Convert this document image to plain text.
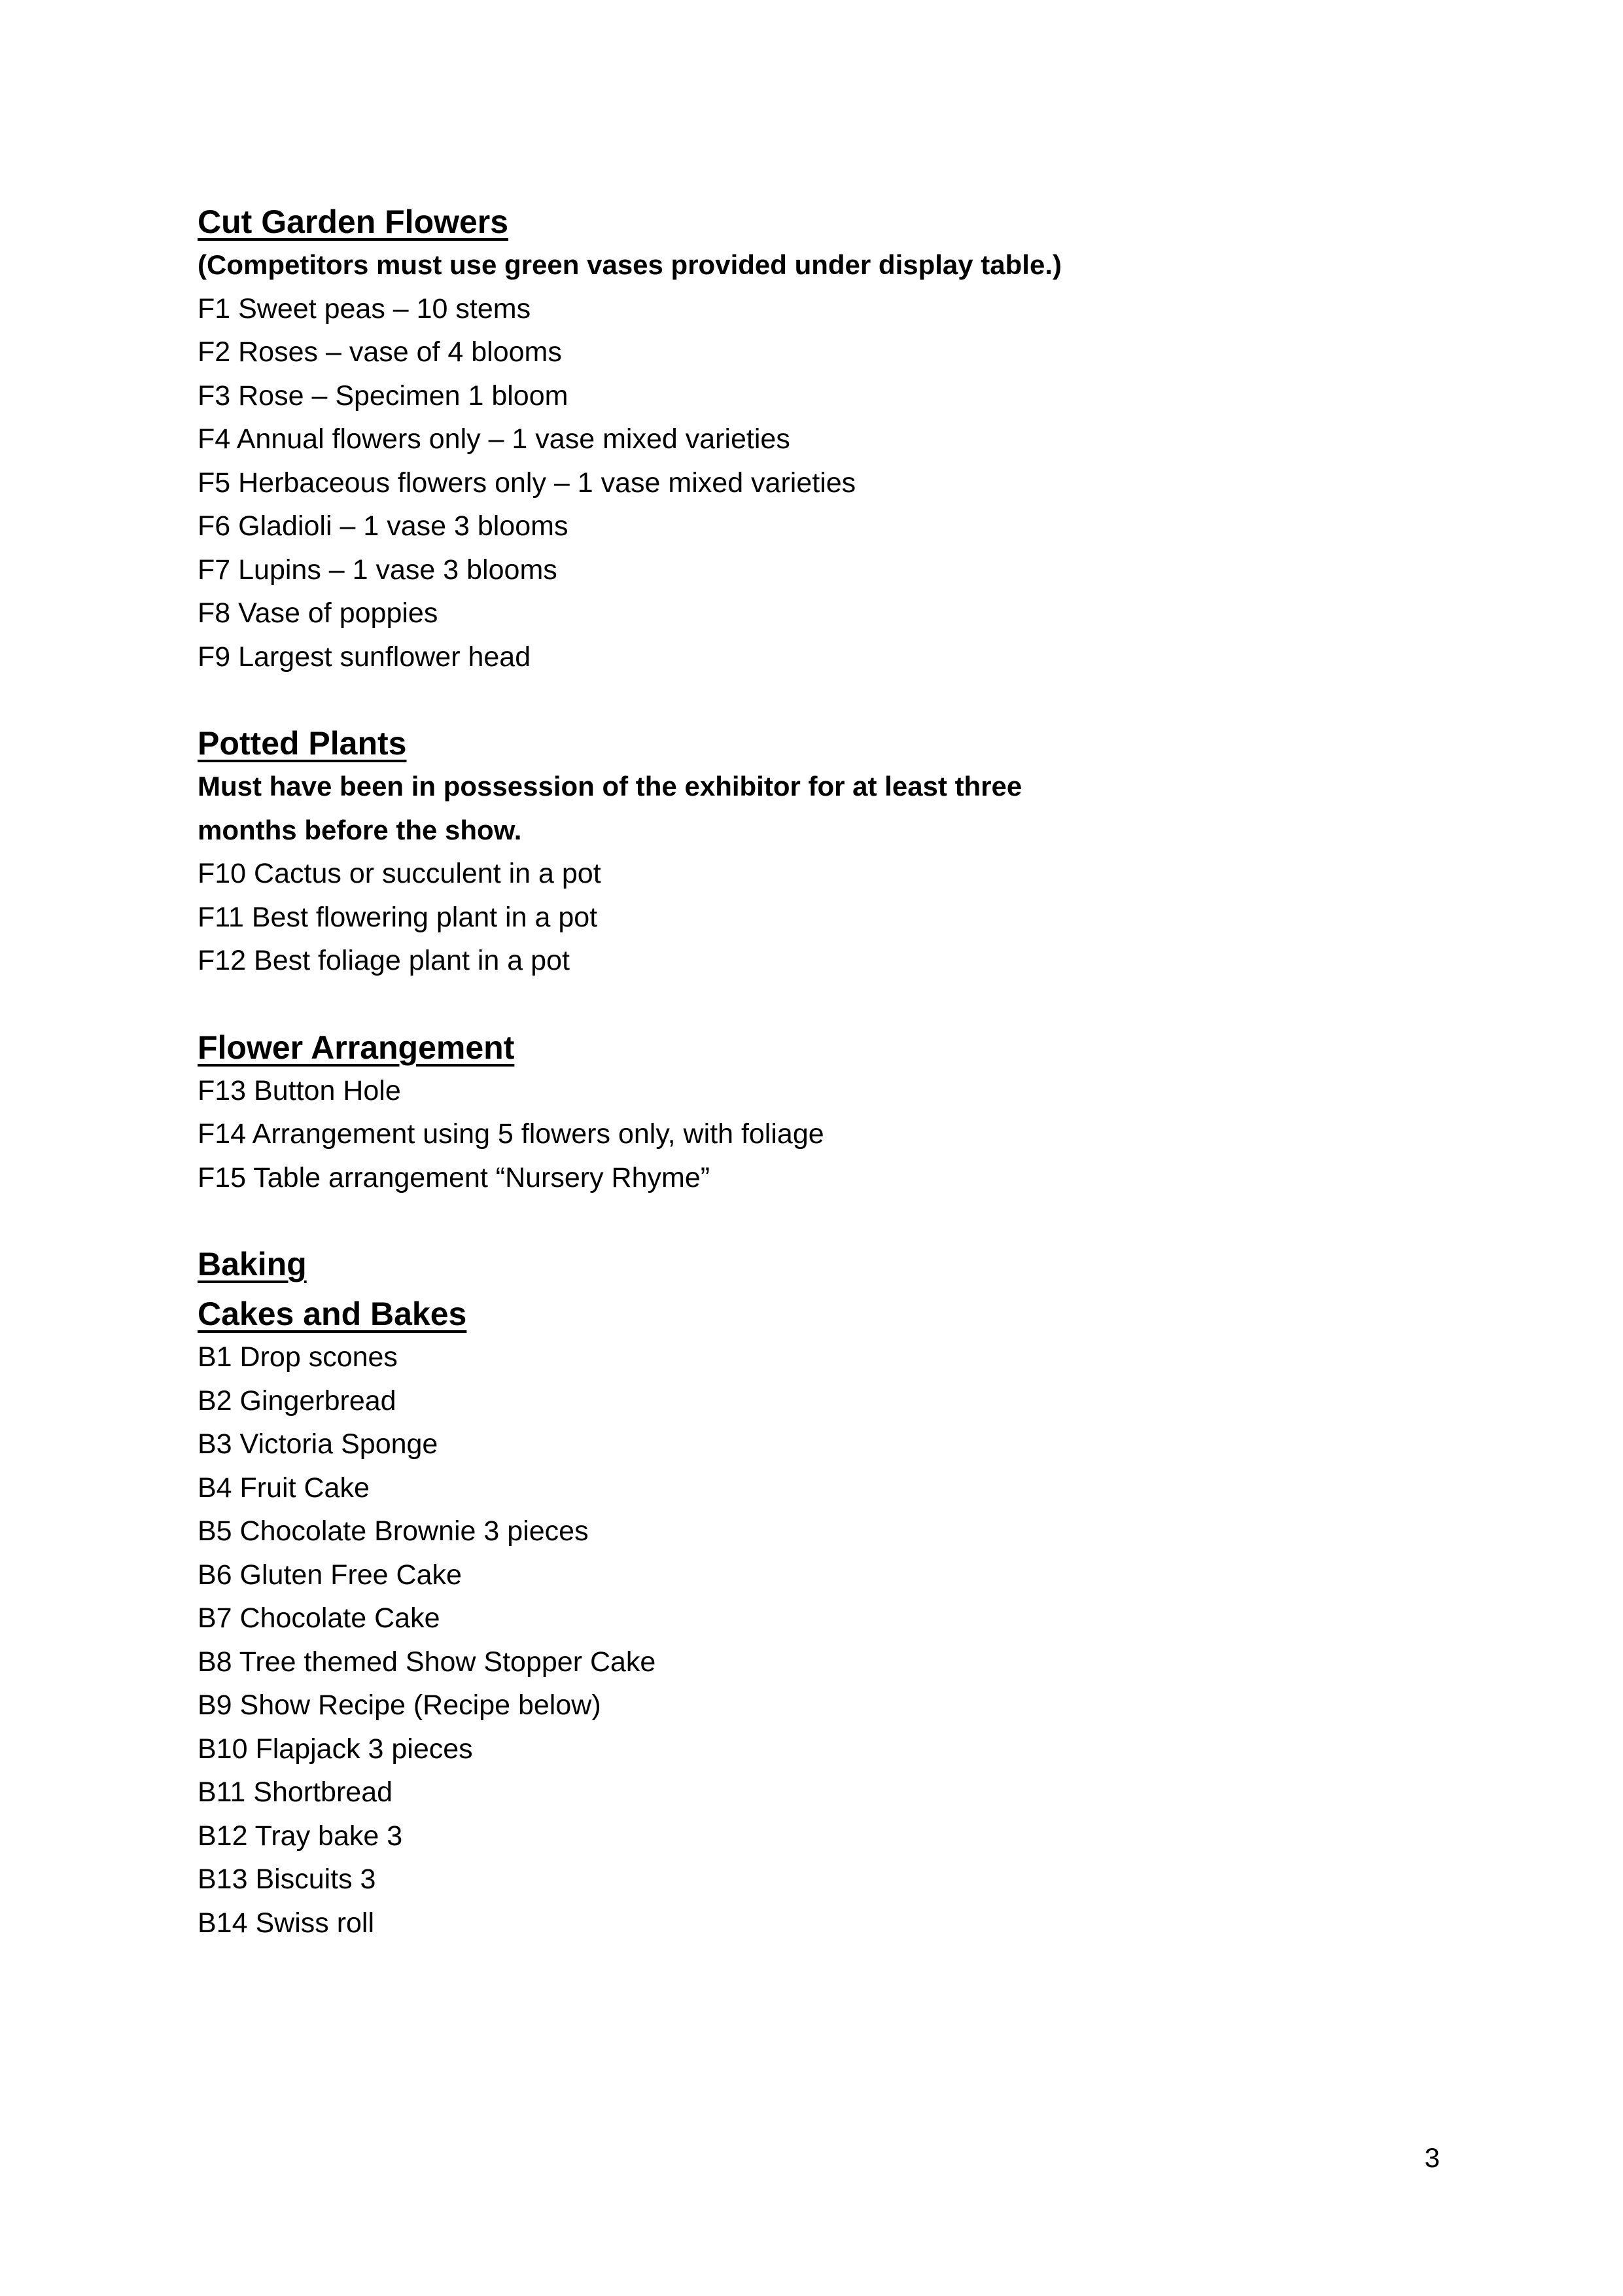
Cut Garden Flowers
(Competitors must use green vases provided under display table.)
F1 Sweet peas – 10 stems
F2 Roses – vase of 4 blooms
F3 Rose – Specimen 1 bloom
F4 Annual flowers only – 1 vase mixed varieties
F5 Herbaceous flowers only – 1 vase mixed varieties
F6 Gladioli – 1 vase 3 blooms
F7 Lupins – 1 vase 3 blooms
F8 Vase of poppies
F9 Largest sunflower head
Potted Plants
Must have been in possession of the exhibitor for at least three
months before the show.
F10 Cactus or succulent in a pot
F11 Best flowering plant in a pot
F12 Best foliage plant in a pot
Flower Arrangement
F13 Button Hole
F14 Arrangement using 5 flowers only, with foliage
F15 Table arrangement “Nursery Rhyme”
Baking
Cakes and Bakes
B1 Drop scones
B2 Gingerbread
B3 Victoria Sponge
B4 Fruit Cake
B5 Chocolate Brownie 3 pieces
B6 Gluten Free Cake
B7 Chocolate Cake
B8 Tree themed Show Stopper Cake
B9 Show Recipe (Recipe below)
B10 Flapjack 3 pieces
B11 Shortbread
B12 Tray bake 3
B13 Biscuits 3
B14 Swiss roll
3
